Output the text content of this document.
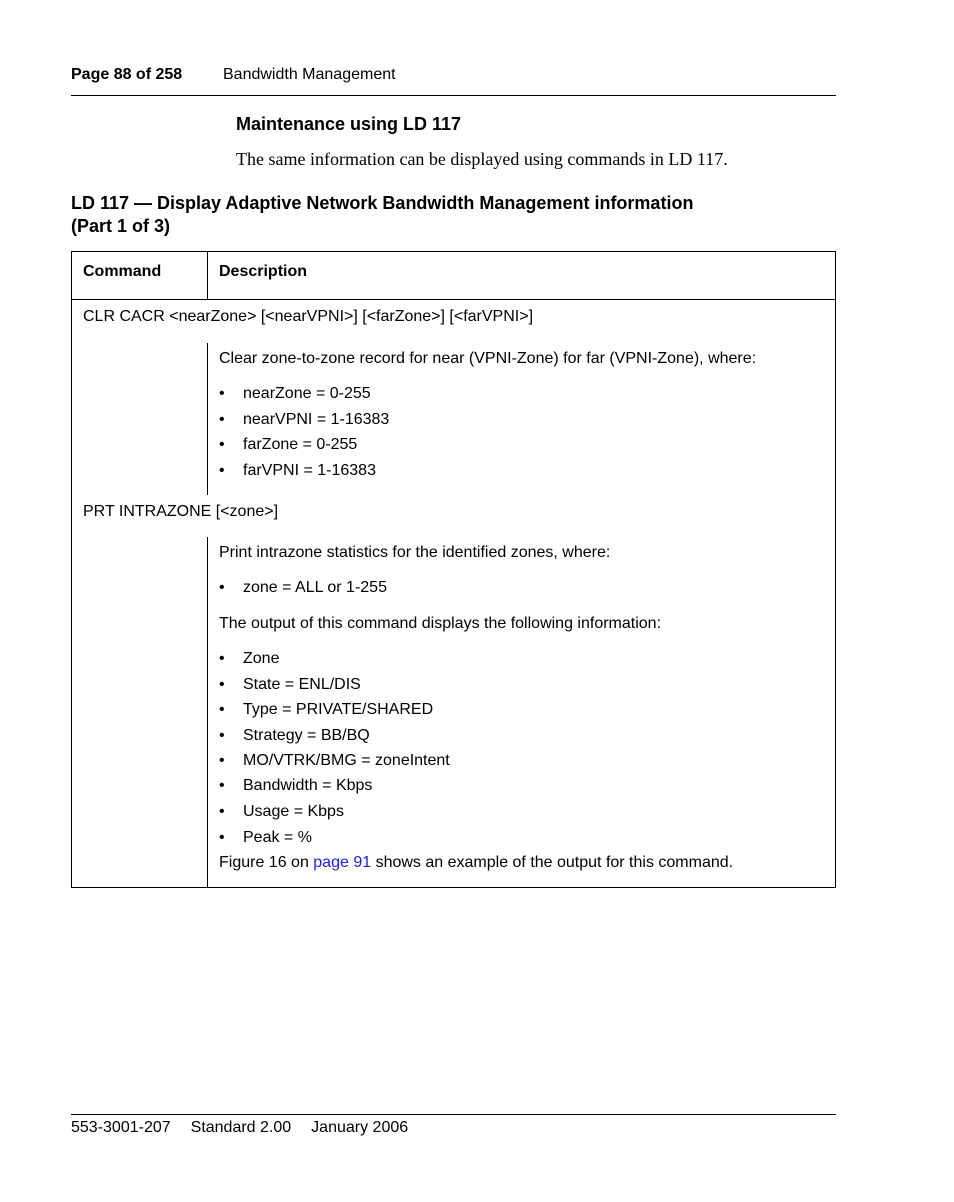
Page 88 of 258	Bandwidth Management
Maintenance using LD 117
The same information can be displayed using commands in LD 117.
LD 117 — Display Adaptive Network Bandwidth Management information
(Part 1 of 3)
Command	Description
CLR CACR <nearZone> [<nearVPNI>] [<farZone>] [<farVPNI>]
Clear zone-to-zone record for near (VPNI-Zone) for far (VPNI-Zone), where:
• nearZone = 0-255
• nearVPNI = 1-16383
• farZone = 0-255
• farVPNI = 1-16383
PRT INTRAZONE [<zone>]
Print intrazone statistics for the identified zones, where:
• zone = ALL or 1-255
The output of this command displays the following information:
• Zone
• State = ENL/DIS
• Type = PRIVATE/SHARED
• Strategy = BB/BQ
• MO/VTRK/BMG = zoneIntent
• Bandwidth = Kbps
• Usage = Kbps
• Peak = %
Figure 16 on page 91 shows an example of the output for this command.
553-3001-207 Standard 2.00 January 2006
